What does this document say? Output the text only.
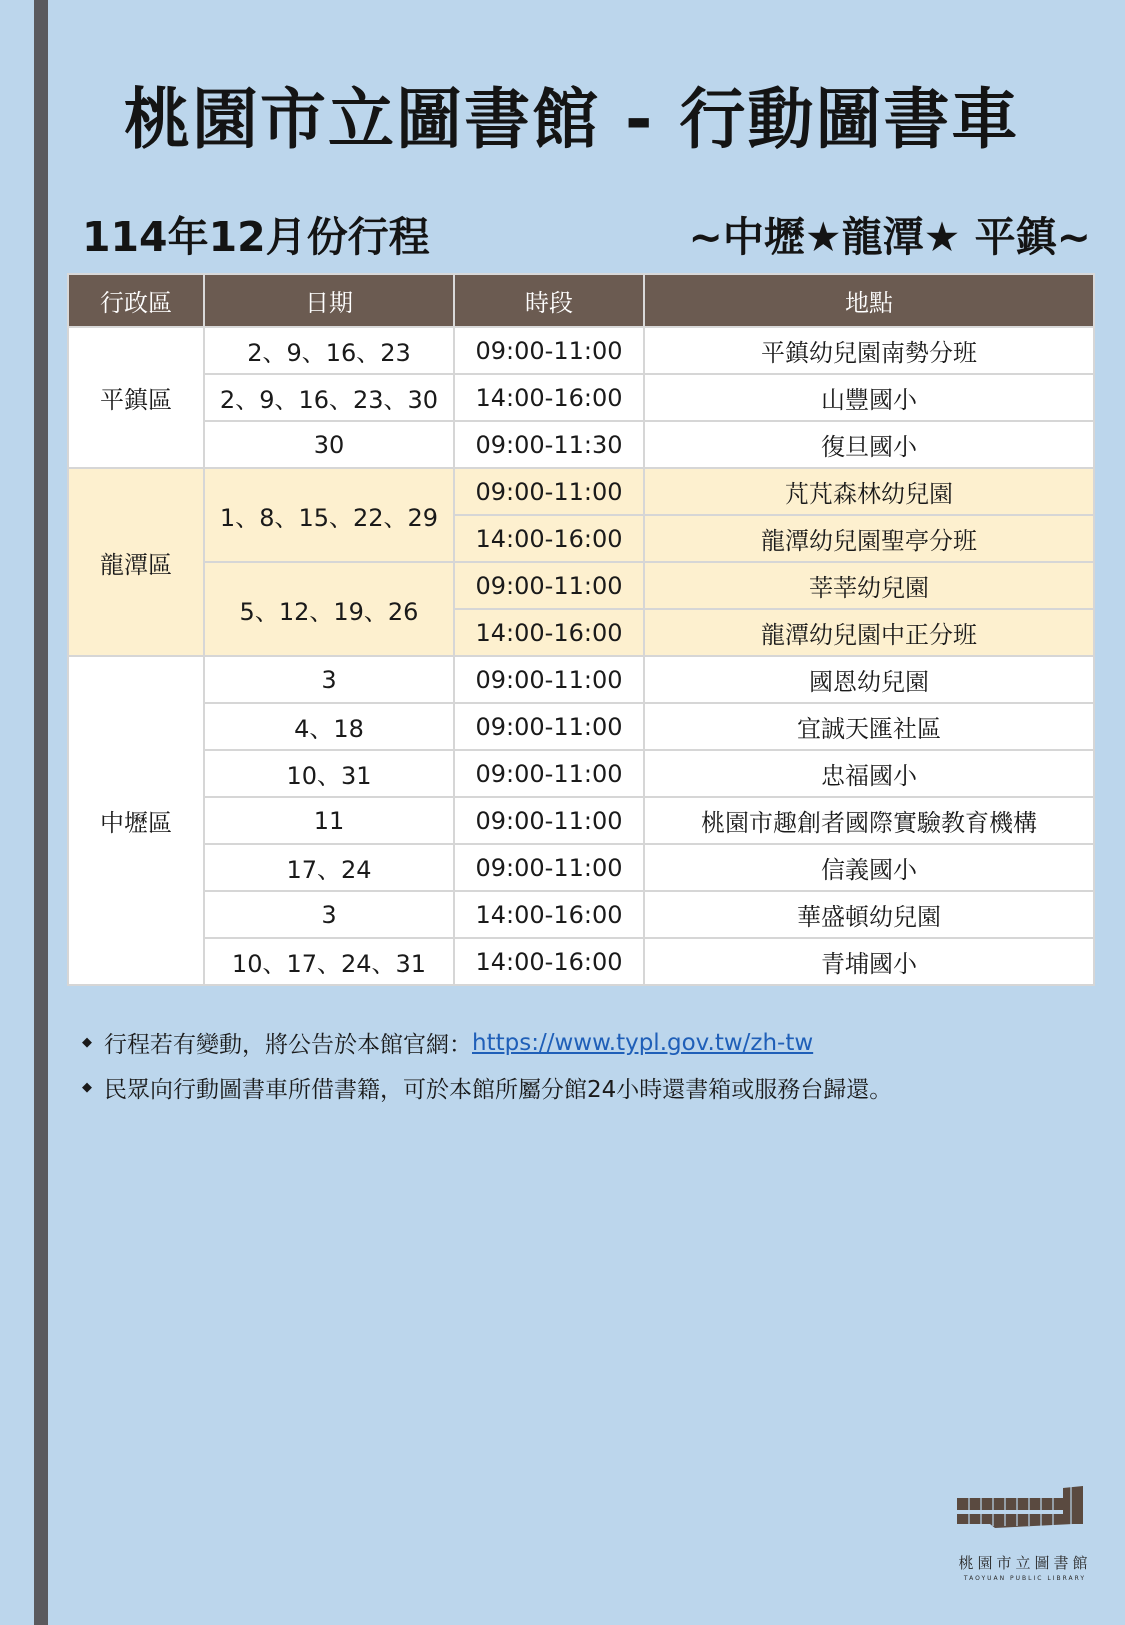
桃園市立圖書館 - 行動圖書車
114年12月份行程	~中壢★龍潭★ 平鎮~
行政區	日期	時段	地點
平鎮區	2、9、16、23	09:00-11:00	平鎮幼兒園南勢分班
	2、9、16、23、30	14:00-16:00	山豐國小
	30	09:00-11:30	復旦國小
龍潭區	1、8、15、22、29	09:00-11:00	芃芃森林幼兒園
		14:00-16:00	龍潭幼兒園聖亭分班
	5、12、19、26	09:00-11:00	莘莘幼兒園
		14:00-16:00	龍潭幼兒園中正分班
中壢區	3	09:00-11:00	國恩幼兒園
	4、18	09:00-11:00	宜誠天匯社區
	10、31	09:00-11:00	忠福國小
	11	09:00-11:00	桃園市趣創者國際實驗教育機構
	17、24	09:00-11:00	信義國小
	3	14:00-16:00	華盛頓幼兒園
	10、17、24、31	14:00-16:00	青埔國小
◆ 行程若有變動，將公告於本館官網： https://www.typl.gov.tw/zh-tw
◆ 民眾向行動圖書車所借書籍，可於本館所屬分館24小時還書箱或服務台歸還。
桃園市立圖書館
TAOYUAN PUBLIC LIBRARY
